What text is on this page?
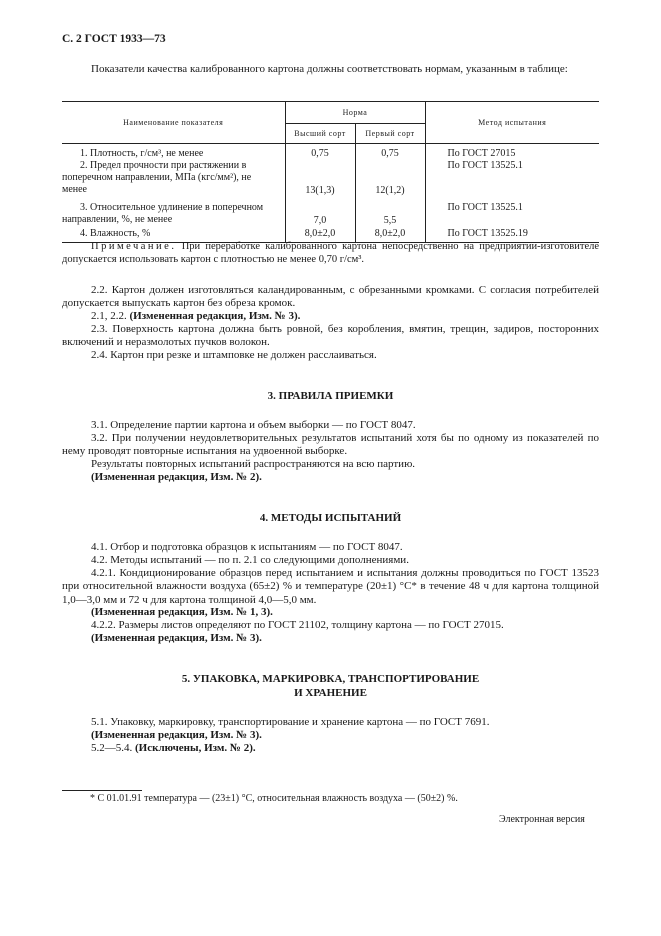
С. 2 ГОСТ 1933—73
Показатели качества калиброванного картона должны соответствовать нормам, указанным в таблице:
Наименование показателя	Норма		Метод испытания
	Высший сорт	Первый сорт	
1. Плотность, г/см³, не менее	0,75	0,75	По ГОСТ 27015
2. Предел прочности при растяжении в поперечном направлении, МПа (кгс/мм²), не менее	13(1,3)	12(1,2)	По ГОСТ 13525.1
3. Относительное удлинение в поперечном направлении, %, не менее	7,0	5,5	По ГОСТ 13525.1
4. Влажность, %	8,0±2,0	8,0±2,0	По ГОСТ 13525.19
Примечание. При переработке калиброванного картона непосредственно на предприятии-изготовителе допускается использовать картон с плотностью не менее 0,70 г/см³.
2.2. Картон должен изготовляться каландированным, с обрезанными кромками. С согласия потребителей допускается выпускать картон без обреза кромок.
2.1, 2.2. (Измененная редакция, Изм. № 3).
2.3. Поверхность картона должна быть ровной, без коробления, вмятин, трещин, задиров, посторонних включений и неразмолотых пучков волокон.
2.4. Картон при резке и штамповке не должен расслаиваться.
3. ПРАВИЛА ПРИЕМКИ
3.1. Определение партии картона и объем выборки — по ГОСТ 8047.
3.2. При получении неудовлетворительных результатов испытаний хотя бы по одному из показателей по нему проводят повторные испытания на удвоенной выборке.
Результаты повторных испытаний распространяются на всю партию.
(Измененная редакция, Изм. № 2).
4. МЕТОДЫ ИСПЫТАНИЙ
4.1. Отбор и подготовка образцов к испытаниям — по ГОСТ 8047.
4.2. Методы испытаний — по п. 2.1 со следующими дополнениями.
4.2.1. Кондиционирование образцов перед испытанием и испытания должны проводиться по ГОСТ 13523 при относительной влажности воздуха (65±2) % и температуре (20±1) °С* в течение 48 ч для картона толщиной 1,0—3,0 мм и 72 ч для картона толщиной 4,0—5,0 мм.
(Измененная редакция, Изм. № 1, 3).
4.2.2. Размеры листов определяют по ГОСТ 21102, толщину картона — по ГОСТ 27015.
(Измененная редакция, Изм. № 3).
5. УПАКОВКА, МАРКИРОВКА, ТРАНСПОРТИРОВАНИЕ
И ХРАНЕНИЕ
5.1. Упаковку, маркировку, транспортирование и хранение картона — по ГОСТ 7691.
(Измененная редакция, Изм. № 3).
5.2—5.4. (Исключены, Изм. № 2).
* С 01.01.91 температура — (23±1) °С, относительная влажность воздуха — (50±2) %.
Электронная версия
